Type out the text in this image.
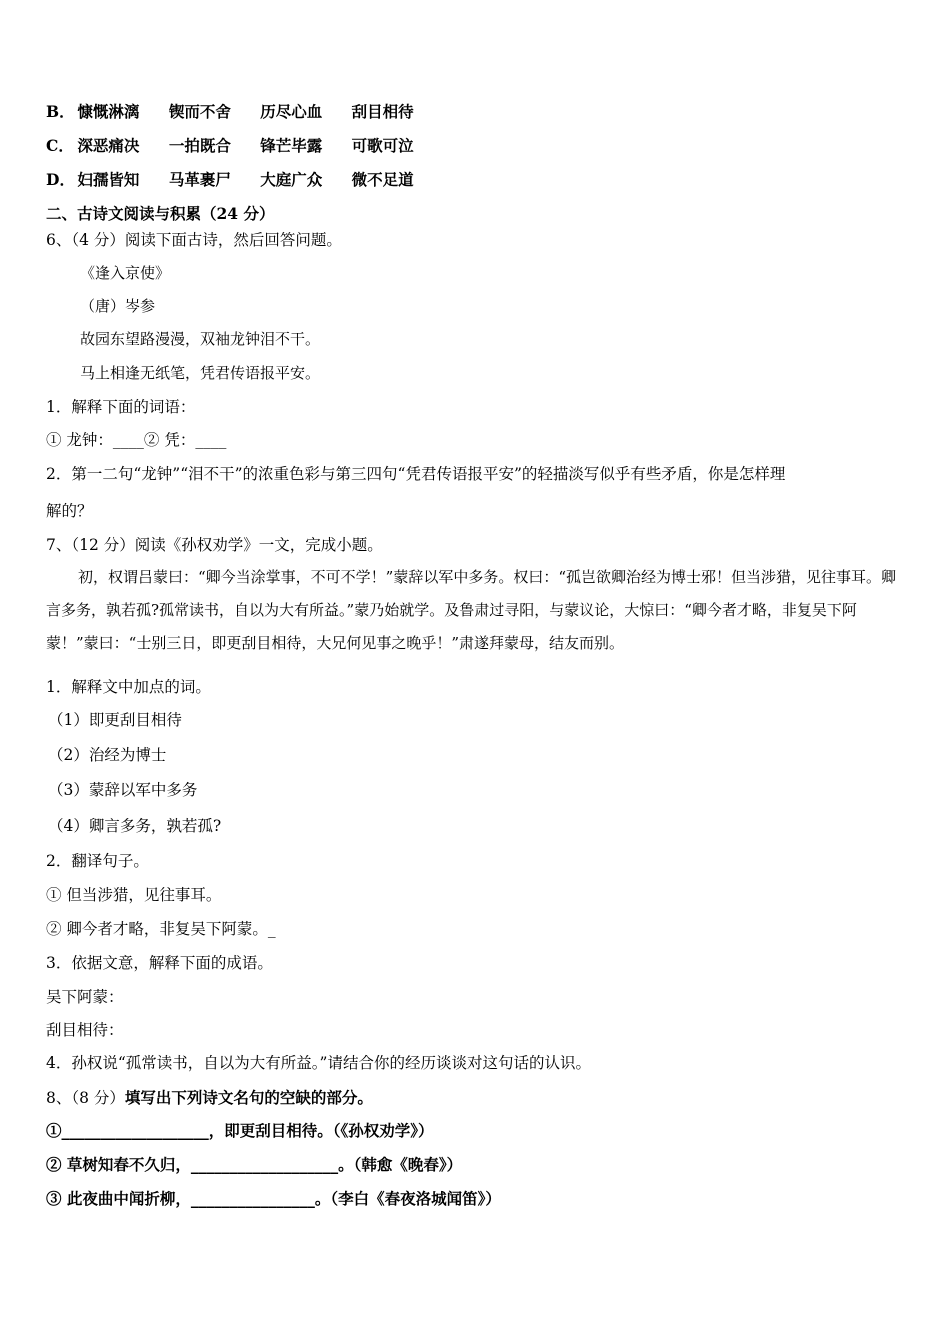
B． 慷慨淋漓 锲而不舍 历尽心血 刮目相待
C． 深恶痛决 一拍既合 锋芒毕露 可歌可泣
D． 妇孺皆知 马革裹尸 大庭广众 微不足道
二、古诗文阅读与积累（24 分）
6、（4 分）阅读下面古诗，然后回答问题。
《逢入京使》
（唐）岑参
故园东望路漫漫，双袖龙钟泪不干。
马上相逢无纸笔，凭君传语报平安。
1．解释下面的词语：
① 龙钟：____② 凭：____
2．第一二句“龙钟”“泪不干”的浓重色彩与第三四句“凭君传语报平安”的轻描淡写似乎有些矛盾，你是怎样理
解的？
7、（12 分）阅读《孙权劝学》一文，完成小题。
初，权谓吕蒙曰：“卿今当涂掌事，不可不学！”蒙辞以军中多务。权曰：“孤岂欲卿治经为博士邪！但当涉猎，见往事耳。卿言多务，孰若孤?孤常读书，自以为大有所益。”蒙乃始就学。及鲁肃过寻阳，与蒙议论，大惊曰：“卿今者才略，非复吴下阿蒙！”蒙曰：“士别三日，即更刮目相待，大兄何见事之晚乎！”肃遂拜蒙母，结友而别。
1．解释文中加点的词。
（1）即更刮目相待
（2）治经为博士
（3）蒙辞以军中多务
（4）卿言多务，孰若孤?
2．翻译句子。
① 但当涉猎，见往事耳。
② 卿今者才略，非复吴下阿蒙。_
3．依据文意，解释下面的成语。
吴下阿蒙：
刮目相待：
4．孙权说“孤常读书，自以为大有所益。”请结合你的经历谈谈对这句话的认识。
8、（8 分）填写出下列诗文名句的空缺的部分。
①___________________，即更刮目相待。（《孙权劝学》）
② 草树知春不久归，___________________。（韩愈《晚春》）
③ 此夜曲中闻折柳，________________。（李白《春夜洛城闻笛》）
